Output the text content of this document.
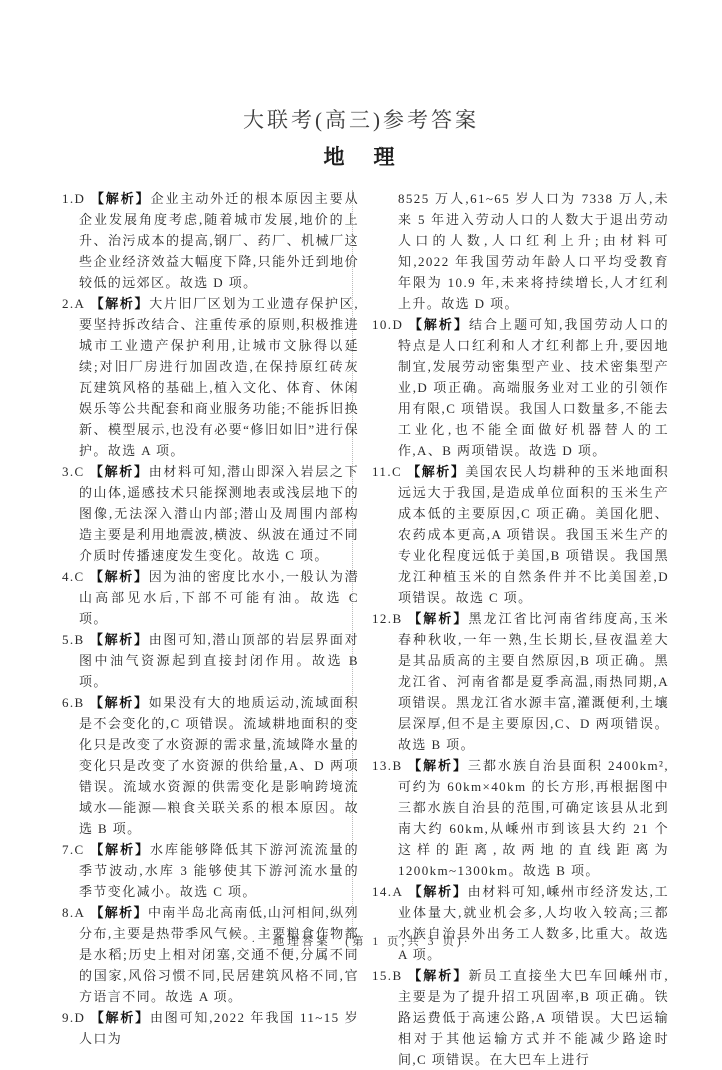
大联考(高三)参考答案
地　理
1.D 【解析】企业主动外迁的根本原因主要从企业发展角度考虑,随着城市发展,地价的上升、治污成本的提高,钢厂、药厂、机械厂这些企业经济效益大幅度下降,只能外迁到地价较低的远郊区。故选 D 项。
2.A 【解析】大片旧厂区划为工业遗存保护区,要坚持拆改结合、注重传承的原则,积极推进城市工业遗产保护利用,让城市文脉得以延续;对旧厂房进行加固改造,在保持原红砖灰瓦建筑风格的基础上,植入文化、体育、休闲娱乐等公共配套和商业服务功能;不能拆旧换新、模型展示,也没有必要“修旧如旧”进行保护。故选 A 项。
3.C 【解析】由材料可知,潜山即深入岩层之下的山体,遥感技术只能探测地表或浅层地下的图像,无法深入潜山内部;潜山及周围内部构造主要是利用地震波,横波、纵波在通过不同介质时传播速度发生变化。故选 C 项。
4.C 【解析】因为油的密度比水小,一般认为潜山高部见水后,下部不可能有油。故选 C 项。
5.B 【解析】由图可知,潜山顶部的岩层界面对图中油气资源起到直接封闭作用。故选 B 项。
6.B 【解析】如果没有大的地质运动,流域面积是不会变化的,C 项错误。流域耕地面积的变化只是改变了水资源的需求量,流域降水量的变化只是改变了水资源的供给量,A、D 两项错误。流域水资源的供需变化是影响跨境流域水—能源—粮食关联关系的根本原因。故选 B 项。
7.C 【解析】水库能够降低其下游河流流量的季节波动,水库 3 能够使其下游河流水量的季节变化减小。故选 C 项。
8.A 【解析】中南半岛北高南低,山河相间,纵列分布,主要是热带季风气候。主要粮食作物都是水稻;历史上相对闭塞,交通不便,分属不同的国家,风俗习惯不同,民居建筑风格不同,官方语言不同。故选 A 项。
9.D 【解析】由图可知,2022 年我国 11~15 岁人口为
8525 万人,61~65 岁人口为 7338 万人,未来 5 年进入劳动人口的人数大于退出劳动人口的人数,人口红利上升;由材料可知,2022 年我国劳动年龄人口平均受教育年限为 10.9 年,未来将持续增长,人才红利上升。故选 D 项。
10.D 【解析】结合上题可知,我国劳动人口的特点是人口红利和人才红利都上升,要因地制宜,发展劳动密集型产业、技术密集型产业,D 项正确。高端服务业对工业的引领作用有限,C 项错误。我国人口数量多,不能去工业化,也不能全面做好机器替人的工作,A、B 两项错误。故选 D 项。
11.C 【解析】美国农民人均耕种的玉米地面积远远大于我国,是造成单位面积的玉米生产成本低的主要原因,C 项正确。美国化肥、农药成本更高,A 项错误。我国玉米生产的专业化程度远低于美国,B 项错误。我国黑龙江种植玉米的自然条件并不比美国差,D 项错误。故选 C 项。
12.B 【解析】黑龙江省比河南省纬度高,玉米春种秋收,一年一熟,生长期长,昼夜温差大是其品质高的主要自然原因,B 项正确。黑龙江省、河南省都是夏季高温,雨热同期,A 项错误。黑龙江省水源丰富,灌溉便利,土壤层深厚,但不是主要原因,C、D 两项错误。故选 B 项。
13.B 【解析】三都水族自治县面积 2400km²,可约为 60km×40km 的长方形,再根据图中三都水族自治县的范围,可确定该县从北到南大约 60km,从嵊州市到该县大约 21 个这样的距离,故两地的直线距离为 1200km~1300km。故选 B 项。
14.A 【解析】由材料可知,嵊州市经济发达,工业体量大,就业机会多,人均收入较高;三都水族自治县外出务工人数多,比重大。故选 A 项。
15.B 【解析】新员工直接坐大巴车回嵊州市,主要是为了提升招工巩固率,B 项正确。铁路运费低于高速公路,A 项错误。大巴运输相对于其他运输方式并不能减少路途时间,C 项错误。在大巴车上进行
·　地理答案　(第 1 页,共 3 页)·
